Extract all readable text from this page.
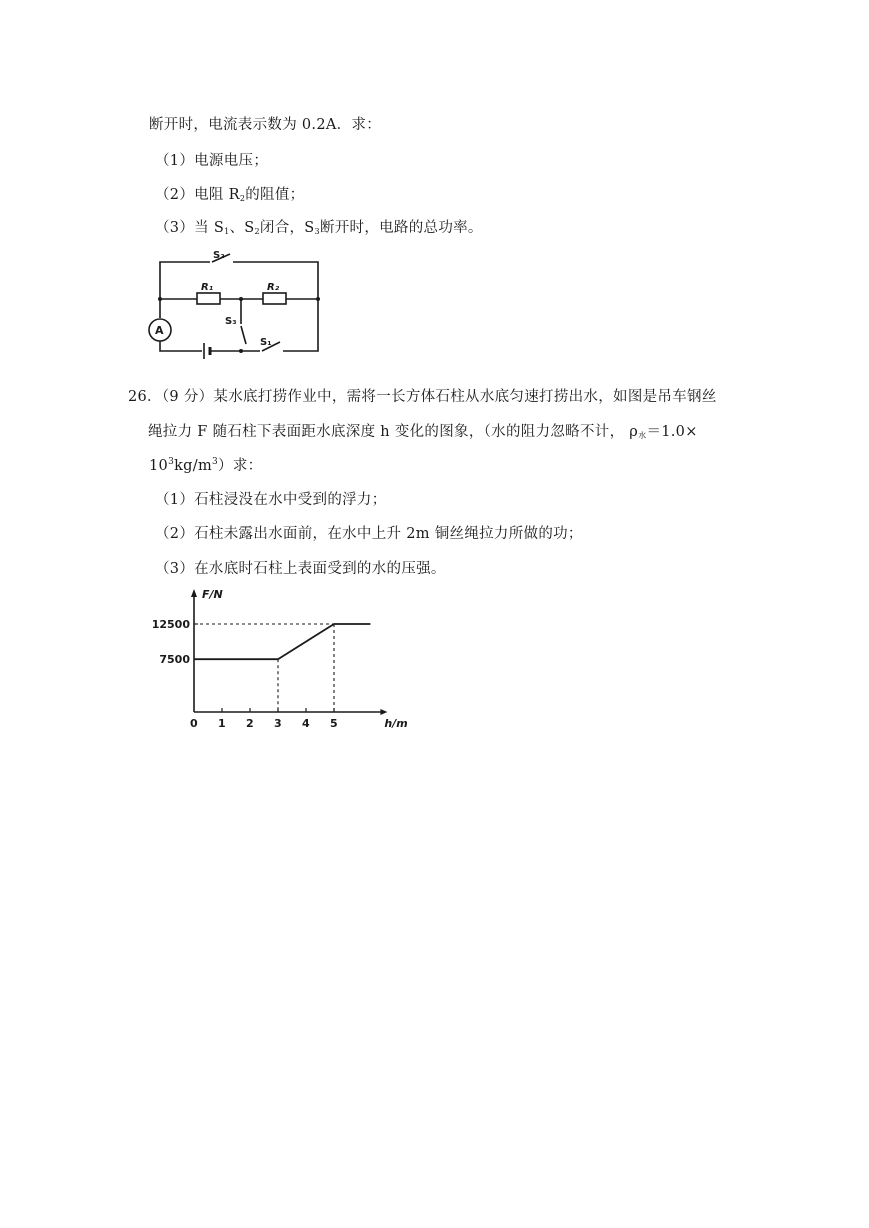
断开时，电流表示数为 0.2A．求：
（1）电源电压；
（2）电阻 $R_2$的阻值；
（3）当 $S_1$、$S_2$闭合，$S_3$断开时，电路的总功率。
S₂
R₁	R₂
S₃
S₁
A
26．（9 分）某水底打捞作业中，需将一长方体石柱从水底匀速打捞出水，如图是吊车钢丝
绳拉力 F 随石柱下表面距水底深度 h 变化的图象，（水的阻力忽略不计， $\rho_水=1.0\times$
$10^3kg/m^3$）求：
（1）石柱浸没在水中受到的浮力；
（2）石柱未露出水面前，在水中上升 2m 铜丝绳拉力所做的功；
（3）在水底时石柱上表面受到的水的压强。
F/N
h/m
0 1 2 3 4 5
7500
12500
